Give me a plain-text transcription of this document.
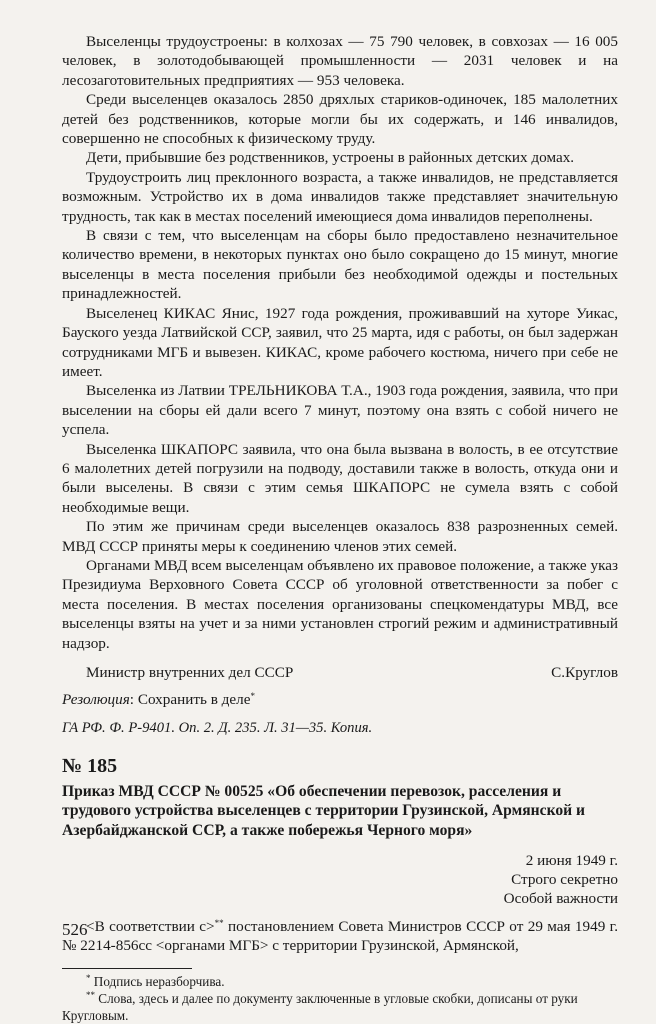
Выселенцы трудоустроены: в колхозах — 75 790 человек, в совхозах — 16 005 человек, в золотодобывающей промышленности — 2031 человек и на лесозаготовительных предприятиях — 953 человека.

Среди выселенцев оказалось 2850 дряхлых стариков-одиночек, 185 малолетних детей без родственников, которые могли бы их содержать, и 146 инвалидов, совершенно не способных к физическому труду.

Дети, прибывшие без родственников, устроены в районных детских домах.

Трудоустроить лиц преклонного возраста, а также инвалидов, не представляется возможным. Устройство их в дома инвалидов также представляет значительную трудность, так как в местах поселений имеющиеся дома инвалидов переполнены.

В связи с тем, что выселенцам на сборы было предоставлено незначительное количество времени, в некоторых пунктах оно было сокращено до 15 минут, многие выселенцы в места поселения прибыли без необходимой одежды и постельных принадлежностей.

Выселенец КИКАС Янис, 1927 года рождения, проживавший на хуторе Уикас, Бауского уезда Латвийской ССР, заявил, что 25 марта, идя с работы, он был задержан сотрудниками МГБ и вывезен. КИКАС, кроме рабочего костюма, ничего при себе не имеет.

Выселенка из Латвии ТРЕЛЬНИКОВА Т.А., 1903 года рождения, заявила, что при выселении на сборы ей дали всего 7 минут, поэтому она взять с собой ничего не успела.

Выселенка ШКАПОРС заявила, что она была вызвана в волость, в ее отсутствие 6 малолетних детей погрузили на подводу, доставили также в волость, откуда они и были выселены. В связи с этим семья ШКАПОРС не сумела взять с собой необходимые вещи.

По этим же причинам среди выселенцев оказалось 838 разрозненных семей. МВД СССР приняты меры к соединению членов этих семей.

Органами МВД всем выселенцам объявлено их правовое положение, а также указ Президиума Верховного Совета СССР об уголовной ответственности за побег с места поселения. В местах поселения организованы спецкомендатуры МВД, все выселенцы взяты на учет и за ними установлен строгий режим и административный надзор.

Министр внутренних дел СССР	С.Круглов
Резолюция: Сохранить в деле*
ГА РФ. Ф. Р-9401. Оп. 2. Д. 235. Л. 31—35. Копия.
№ 185
Приказ МВД СССР № 00525 «Об обеспечении перевозок, расселения и трудового устройства выселенцев с территории Грузинской, Армянской и Азербайджанской ССР, а также побережья Черного моря»
2 июня 1949 г.
Строго секретно
Особой важности

<В соответствии с>** постановлением Совета Министров СССР от 29 мая 1949 г. № 2214-856сс <органами МГБ> с территории Грузинской, Армянской,

* Подпись неразборчива.
** Слова, здесь и далее по документу заключенные в угловые скобки, дописаны от руки Кругловым.
526
